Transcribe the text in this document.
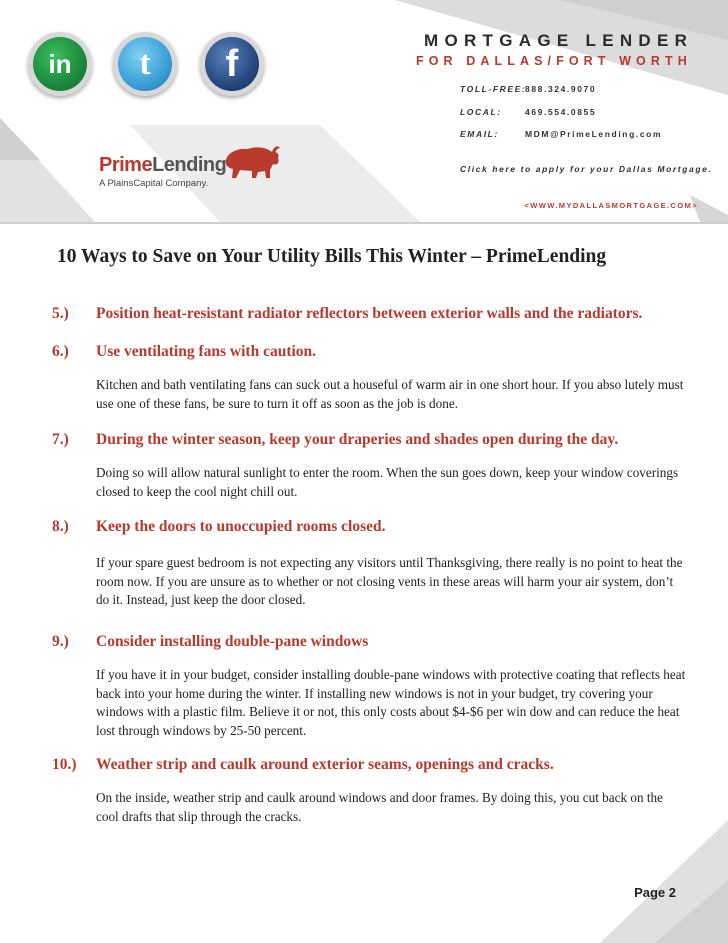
in	t	f
MORTGAGE LENDER
FOR DALLAS/FORT WORTH
TOLL-FREE:888.324.9070
LOCAL:	469.554.0855
EMAIL:	MDM@PrimeLending.com
Click here to apply for your Dallas Mortgage.
<WWW.MYDALLASMORTGAGE.COM>
PrimeLending
A PlainsCapital Company.
10 Ways to Save on Your Utility Bills This Winter – PrimeLending
5.) Position heat-resistant radiator reflectors between exterior walls and the radiators.
6.) Use ventilating fans with caution.
Kitchen and bath ventilating fans can suck out a houseful of warm air in one short hour. If you abso lutely must use one of these fans, be sure to turn it off as soon as the job is done.
7.) During the winter season, keep your draperies and shades open during the day.
Doing so will allow natural sunlight to enter the room. When the sun goes down, keep your window coverings closed to keep the cool night chill out.
8.) Keep the doors to unoccupied rooms closed.
If your spare guest bedroom is not expecting any visitors until Thanksgiving, there really is no point to heat the room now. If you are unsure as to whether or not closing vents in these areas will harm your air system, don’t do it. Instead, just keep the door closed.
9.) Consider installing double-pane windows
If you have it in your budget, consider installing double-pane windows with protective coating that reflects heat back into your home during the winter. If installing new windows is not in your budget, try covering your windows with a plastic film. Believe it or not, this only costs about $4-$6 per win dow and can reduce the heat lost through windows by 25-50 percent.
10.) Weather strip and caulk around exterior seams, openings and cracks.
On the inside, weather strip and caulk around windows and door frames. By doing this, you cut back on the cool drafts that slip through the cracks.
Page 2
